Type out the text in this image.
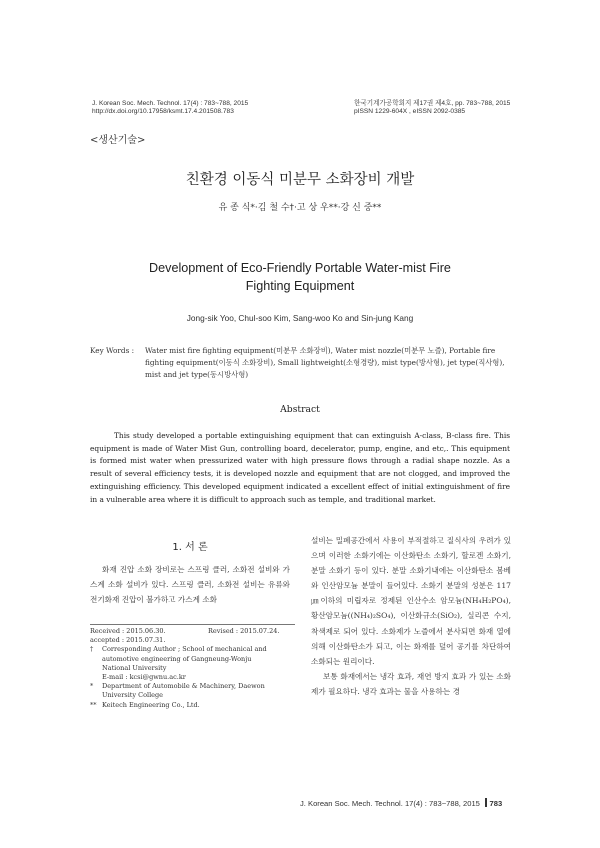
J. Korean Soc. Mech. Technol. 17(4) : 783~788, 2015
http://dx.doi.org/10.17958/ksmt.17.4.201508.783
한국기계가공학회지 제17권 제4호, pp. 783~788, 2015
pISSN 1229-604X , eISSN 2092-0385
<생산기술>
친환경 이동식 미분무 소화장비 개발
유 종 식*·김 철 수†·고 상 우**·강 신 중**
Development of Eco-Friendly Portable Water-mist Fire
Fighting Equipment
Jong-sik Yoo, Chul-soo Kim, Sang-woo Ko and Sin-jung Kang
Key Words :	Water mist fire fighting equipment(미분무 소화장비), Water mist nozzle(미분무 노즐), Portable fire fighting equipment(이동식 소화장비), Small lightweight(소형경량), mist type(방사형), jet type(직사형), mist and jet type(동시방사형)
Abstract

This study developed a portable extinguishing equipment that can extinguish A-class, B-class fire. This equipment is made of Water Mist Gun, controlling board, decelerator, pump, engine, and etc,. This equipment is formed mist water when pressurized water with high pressure flows through a radial shape nozzle. As a result of several efficiency tests, it is developed nozzle and equipment that are not clogged, and improved the extinguishing efficiency. This developed equipment indicated a excellent effect of initial extinguishment of fire in a vulnerable area where it is difficult to approach such as temple, and traditional market.

1. 서 론

화재 진압 소화 장비로는 스프링 클러, 소화전 설비와 가스계 소화 설비가 있다. 스프링 클러, 소화전 설비는 유류와 전기화재 진압이 불가하고 가스계 소화

Received : 2015.06.30.	Revised : 2015.07.24.
accepted : 2015.07.31.
† Corresponding Author ; School of mechanical and
automotive engineering of Gangneung-Wonju
National University
E-mail : kcsi@gwnu.ac.kr
* Department of Automobile & Machinery, Daewon
University College
** Keitech Engineering Co., Ltd.

설비는 밀폐공간에서 사용이 부적절하고 질식사의 우려가 있으며 이러한 소화기에는 이산화탄소 소화기, 할로겐 소화기, 분말 소화기 등이 있다. 분말 소화기내에는 이산화탄소 봄베와 인산암모늄 분말이 들어있다. 소화기 분말의 성분은 117㎛이하의 미립자로 정제된 인산수소 암모늄(NH₄H₂PO₄), 황산암모늄((NH₄)₂SO₄), 이산화규소(SiO₂), 실리콘 수지, 착색제로 되어 있다. 소화제가 노즐에서 분사되면 화재 열에 의해 이산화탄소가 되고, 이는 화재를 덮어 공기를 차단하여 소화되는 원리이다.

보통 화재에서는 냉각 효과, 재연 방지 효과 가 있는 소화제가 필요하다. 냉각 효과는 물을 사용하는 경

J. Korean Soc. Mech. Technol. 17(4) : 783~788, 2015 783
